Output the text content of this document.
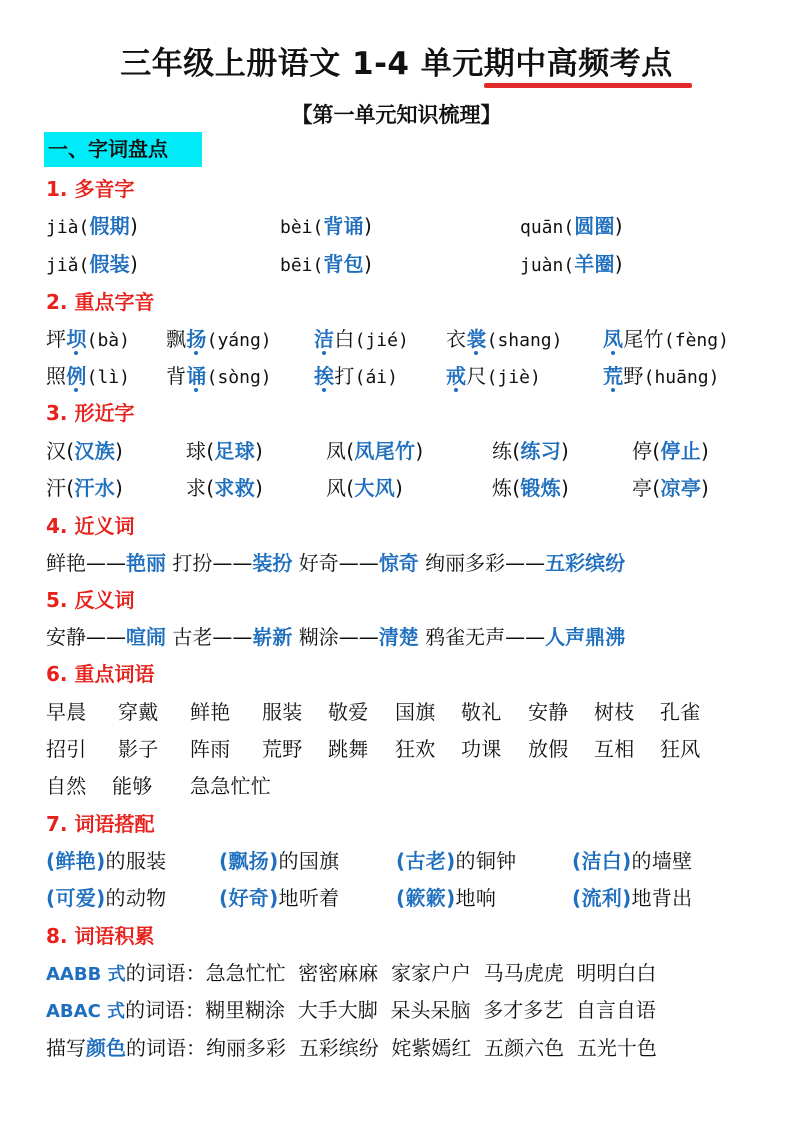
三年级上册语文 1-4 单元期中高频考点
【第一单元知识梳理】
一、字词盘点
1. 多音字
jià(假期)	bèi(背诵)	quān(圆圈)
jiǎ(假装)	bēi(背包)	juàn(羊圈)
2. 重点字音
坪坝(bà) 飘扬(yáng) 洁白(jié) 衣裳(shang) 凤尾竹(fèng)
照例(lì) 背诵(sòng) 挨打(ái) 戒尺(jiè)	荒野(huāng)
3. 形近字
汉(汉族)	球(足球)	凤(凤尾竹)	练(练习)	停(停止)
汗(汗水)	求(求救)	风(大风)	炼(锻炼)	亭(凉亭)
4. 近义词
鲜艳——艳丽 打扮——装扮 好奇——惊奇 绚丽多彩——五彩缤纷
5. 反义词
安静——喧闹 古老——崭新 糊涂——清楚 鸦雀无声——人声鼎沸
6. 重点词语
早晨 穿戴 鲜艳 服装 敬爱 国旗 敬礼 安静 树枝 孔雀
招引 影子 阵雨 荒野 跳舞 狂欢 功课 放假 互相 狂风
自然 能够 急急忙忙
7. 词语搭配
(鲜艳)的服装	(飘扬)的国旗	(古老)的铜钟	(洁白)的墙壁
(可爱)的动物	(好奇)地听着	(簌簌)地响	(流利)地背出
8. 词语积累
AABB 式的词语：急急忙忙  密密麻麻  家家户户  马马虎虎  明明白白
ABAC 式的词语：糊里糊涂  大手大脚  呆头呆脑  多才多艺  自言自语
描写颜色的词语：绚丽多彩  五彩缤纷  姹紫嫣红  五颜六色  五光十色
